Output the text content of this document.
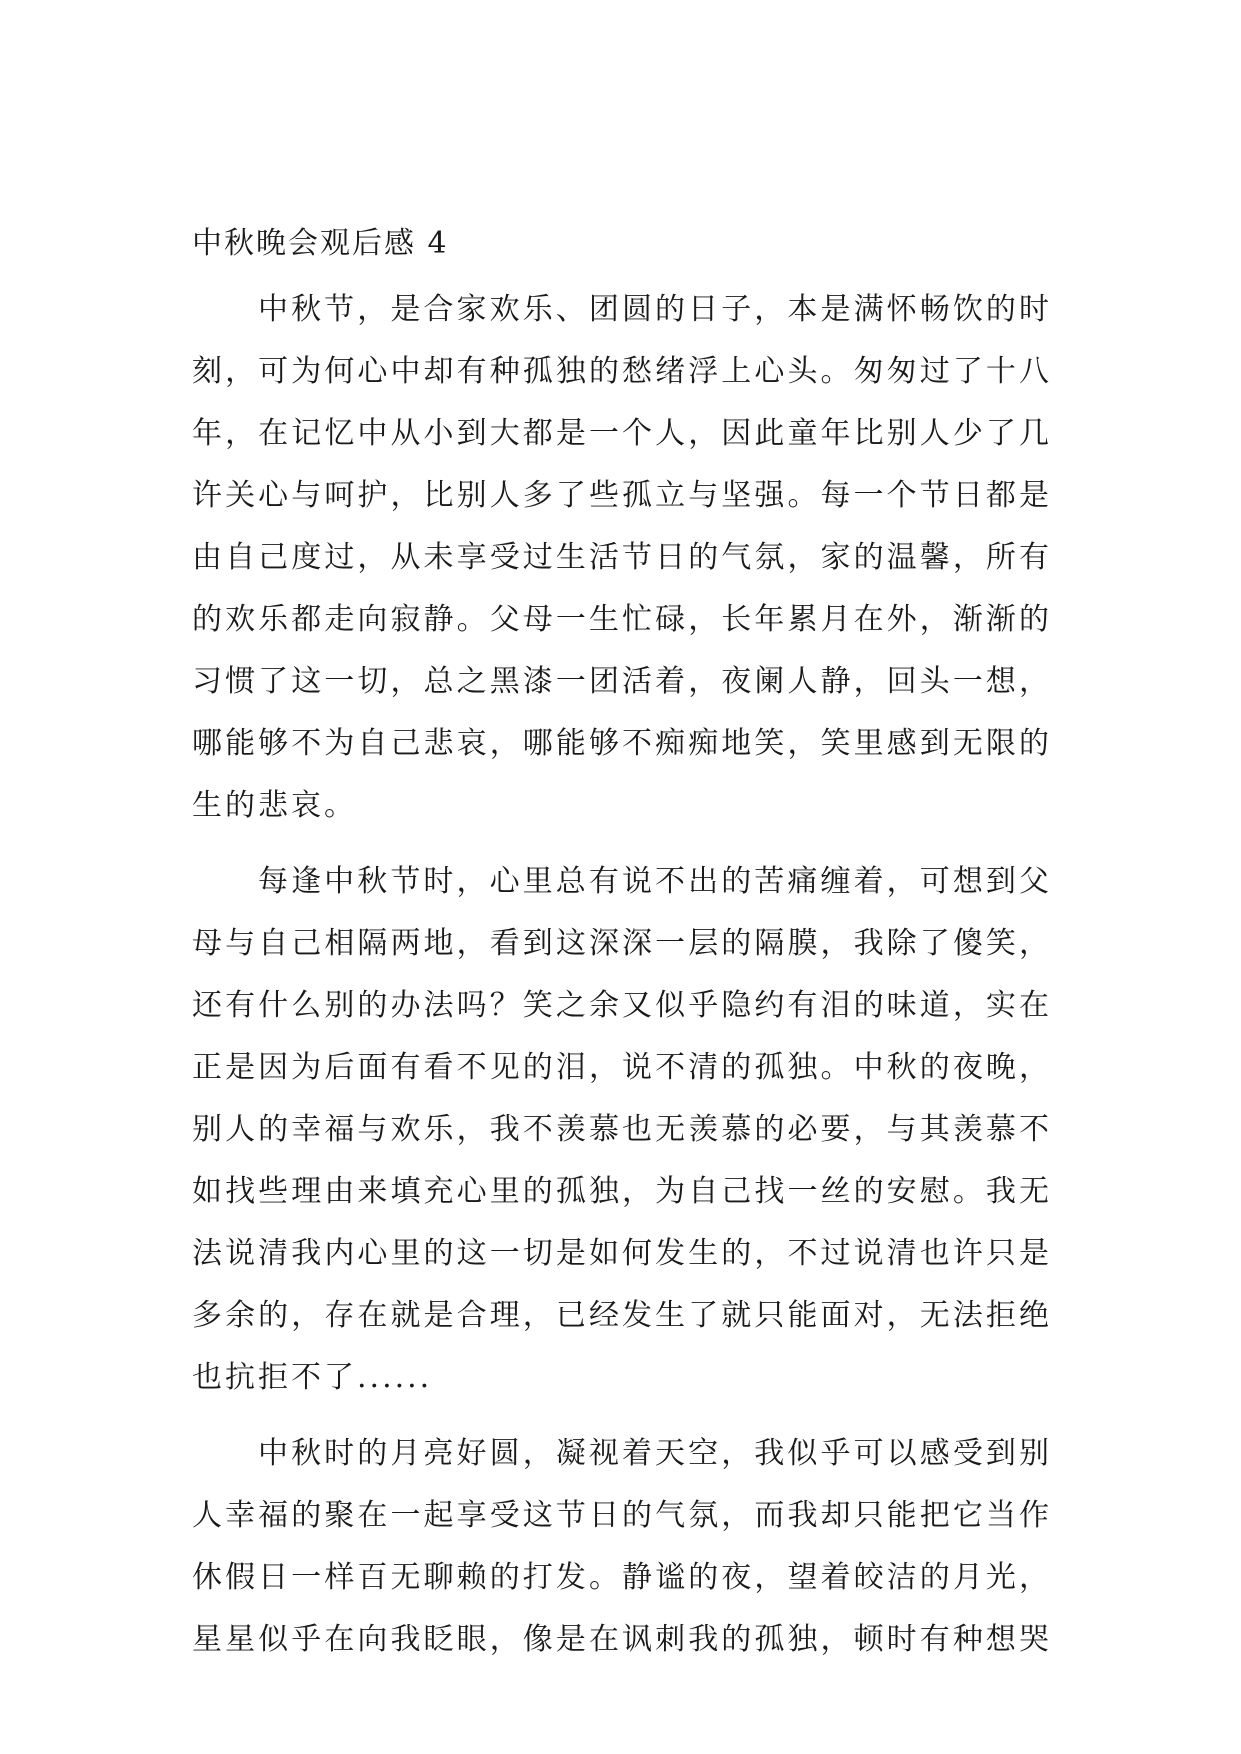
中秋晚会观后感 4
中秋节，是合家欢乐、团圆的日子，本是满怀畅饮的时
刻，可为何心中却有种孤独的愁绪浮上心头。匆匆过了十八
年，在记忆中从小到大都是一个人，因此童年比别人少了几
许关心与呵护，比别人多了些孤立与坚强。每一个节日都是
由自己度过，从未享受过生活节日的气氛，家的温馨，所有
的欢乐都走向寂静。父母一生忙碌，长年累月在外，渐渐的
习惯了这一切，总之黑漆一团活着，夜阑人静，回头一想，
哪能够不为自己悲哀，哪能够不痴痴地笑，笑里感到无限的
生的悲哀。
每逢中秋节时，心里总有说不出的苦痛缠着，可想到父
母与自己相隔两地，看到这深深一层的隔膜，我除了傻笑，
还有什么别的办法吗？笑之余又似乎隐约有泪的味道，实在
正是因为后面有看不见的泪，说不清的孤独。中秋的夜晚，
别人的幸福与欢乐，我不羡慕也无羡慕的必要，与其羡慕不
如找些理由来填充心里的孤独，为自己找一丝的安慰。我无
法说清我内心里的这一切是如何发生的，不过说清也许只是
多余的，存在就是合理，已经发生了就只能面对，无法拒绝
也抗拒不了......
中秋时的月亮好圆，凝视着天空，我似乎可以感受到别
人幸福的聚在一起享受这节日的气氛，而我却只能把它当作
休假日一样百无聊赖的打发。静谧的夜，望着皎洁的月光，
星星似乎在向我眨眼，像是在讽刺我的孤独，顿时有种想哭
